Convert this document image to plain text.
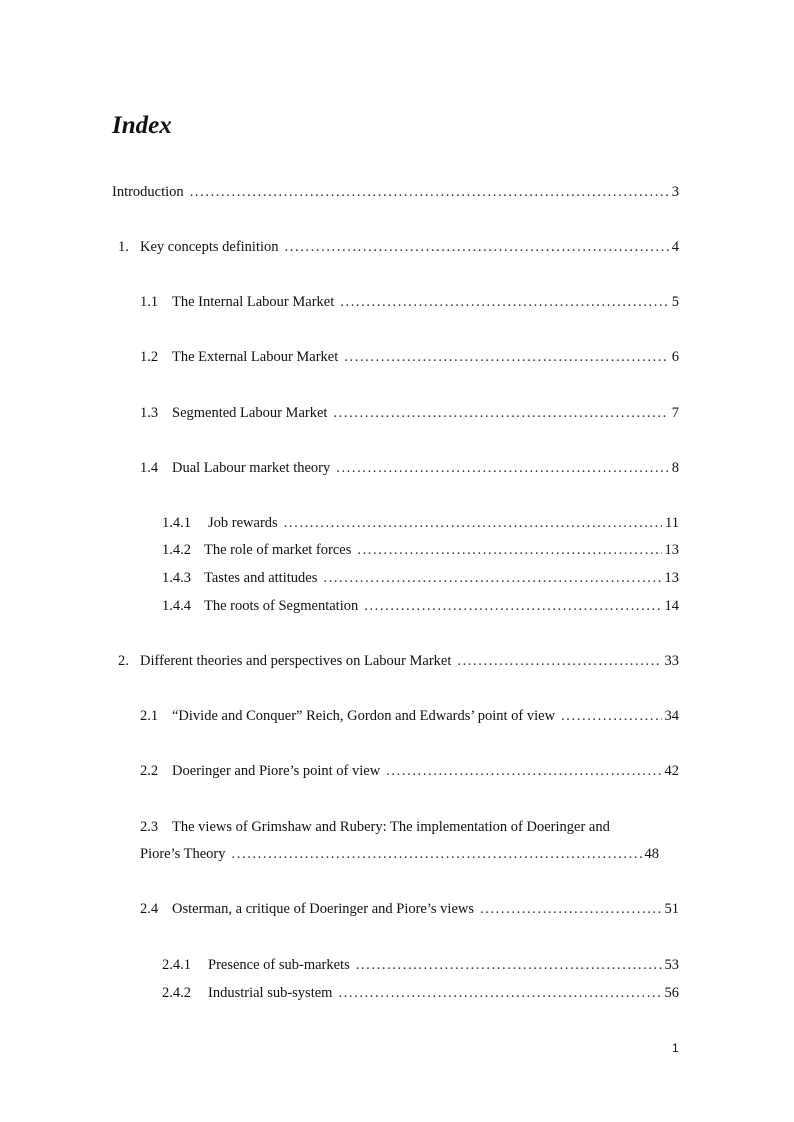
Index
Introduction .....	3
1. Key concepts definition .....	4
1.1 The Internal Labour Market .....	5
1.2 The External Labour Market .....	6
1.3 Segmented Labour Market .....	7
1.4 Dual Labour market theory .....	8
1.4.1	Job rewards .....	11
1.4.2 The role of market forces .....	13
1.4.3 Tastes and attitudes .....	13
1.4.4 The roots of Segmentation .....	14
2. Different theories and perspectives on Labour Market .....	33
2.1 “Divide and Conquer” Reich, Gordon and Edwards’ point of view .....	34
2.2 Doeringer and Piore’s point of view .....	42
2.3 The views of Grimshaw and Rubery: The implementation of Doeringer and
Piore’s Theory .....	48
2.4 Osterman, a critique of Doeringer and Piore’s views .....	51
2.4.1	Presence of sub-markets .....	53
2.4.2	Industrial sub-system .....	56
1
